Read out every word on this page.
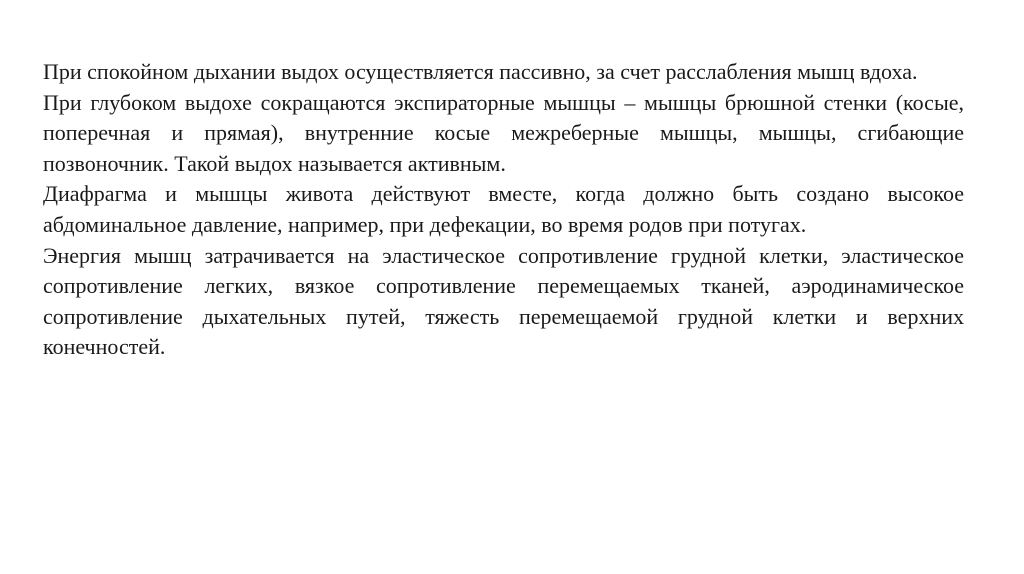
При спокойном дыхании выдох осуществляется пассивно, за счет расслабления мышц вдоха.

При глубоком выдохе сокращаются экспираторные мышцы – мышцы брюшной стенки (косые, поперечная и прямая), внутренние косые межреберные мышцы, мышцы, сгибающие позвоночник. Такой выдох называется активным.

Диафрагма и мышцы живота действуют вместе, когда должно быть создано высокое абдоминальное давление, например, при дефекации, во время родов при потугах.

Энергия мышц затрачивается на эластическое сопротивление грудной клетки, эластическое сопротивление легких, вязкое сопротивление перемещаемых тканей, аэродинамическое сопротивление дыхательных путей, тяжесть перемещаемой грудной клетки и верхних конечностей.
